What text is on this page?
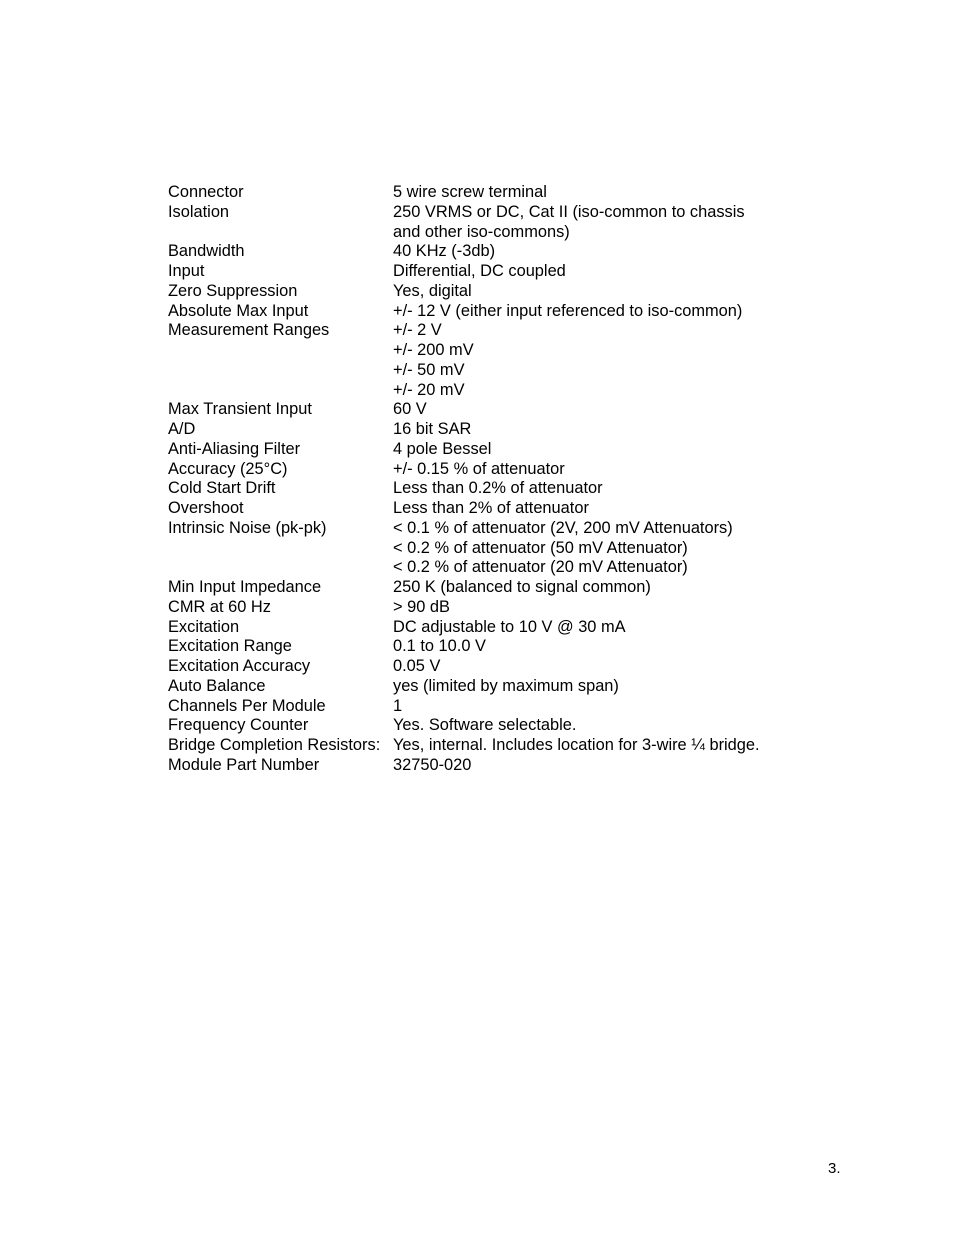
Connector	5 wire screw terminal
Isolation	250 VRMS or DC, Cat II (iso-common to chassis
and other iso-commons)
Bandwidth	40 KHz (-3db)
Input	Differential, DC coupled
Zero Suppression	Yes, digital
Absolute Max Input	+/- 12 V (either input referenced to iso-common)
Measurement Ranges	+/- 2 V
+/- 200 mV
+/- 50 mV
+/- 20 mV
Max Transient Input	60 V
A/D	16 bit SAR
Anti-Aliasing Filter	4 pole Bessel
Accuracy (25°C)	+/- 0.15 % of attenuator
Cold Start Drift	Less than 0.2% of attenuator
Overshoot	Less than 2% of attenuator
Intrinsic Noise (pk-pk)	< 0.1 % of attenuator (2V, 200 mV Attenuators)
< 0.2 % of attenuator (50 mV Attenuator)
< 0.2 % of attenuator (20 mV Attenuator)
Min Input Impedance	250 K (balanced to signal common)
CMR at 60 Hz	> 90 dB
Excitation	DC adjustable to 10 V @ 30 mA
Excitation Range	0.1 to 10.0 V
Excitation Accuracy	0.05 V
Auto Balance	yes (limited by maximum span)
Channels Per Module	1
Frequency Counter	Yes. Software selectable.
Bridge Completion Resistors: Yes, internal. Includes location for 3-wire ¼ bridge.
Module Part Number	32750-020
3.
